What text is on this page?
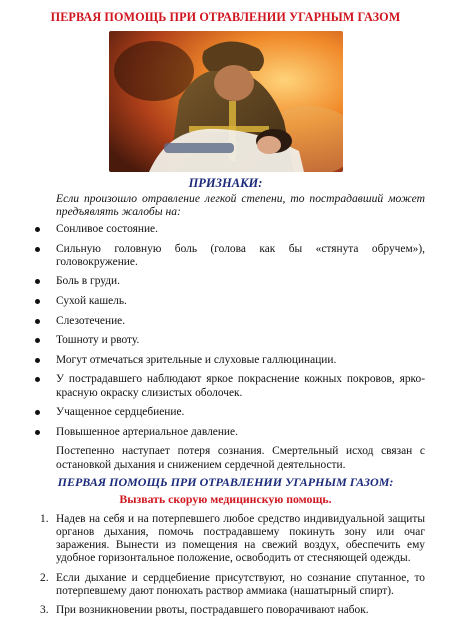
ПЕРВАЯ ПОМОЩЬ ПРИ ОТРАВЛЕНИИ УГАРНЫМ ГАЗОМ
ПРИЗНАКИ:
Если произошло отравление легкой степени, то пострадавший может предъявлять жалобы на:
Сонливое состояние.
Сильную головную боль (голова как бы «стянута обручем»), головокружение.
Боль в груди.
Сухой кашель.
Слезотечение.
Тошноту и рвоту.
Могут отмечаться зрительные и слуховые галлюцинации.
У пострадавшего наблюдают яркое покраснение кожных покровов, ярко-красную окраску слизистых оболочек.
Учащенное сердцебиение.
Повышенное артериальное давление.
Постепенно наступает потеря сознания. Смертельный исход связан с остановкой дыхания и снижением сердечной деятельности.
ПЕРВАЯ ПОМОЩЬ ПРИ ОТРАВЛЕНИИ УГАРНЫМ ГАЗОМ:
Вызвать скорую медицинскую помощь.
1. Надев на себя и на потерпевшего любое средство индивидуальной защиты органов дыхания, помочь пострадавшему покинуть зону или очаг заражения. Вынести из помещения на свежий воздух, обеспечить ему удобное горизонтальное положение, освободить от стесняющей одежды.
2. Если дыхание и сердцебиение присутствуют, но сознание спутанное, то потерпевшему дают понюхать раствор аммиака (нашатырный спирт).
3. При возникновении рвоты, пострадавшего поворачивают набок.
